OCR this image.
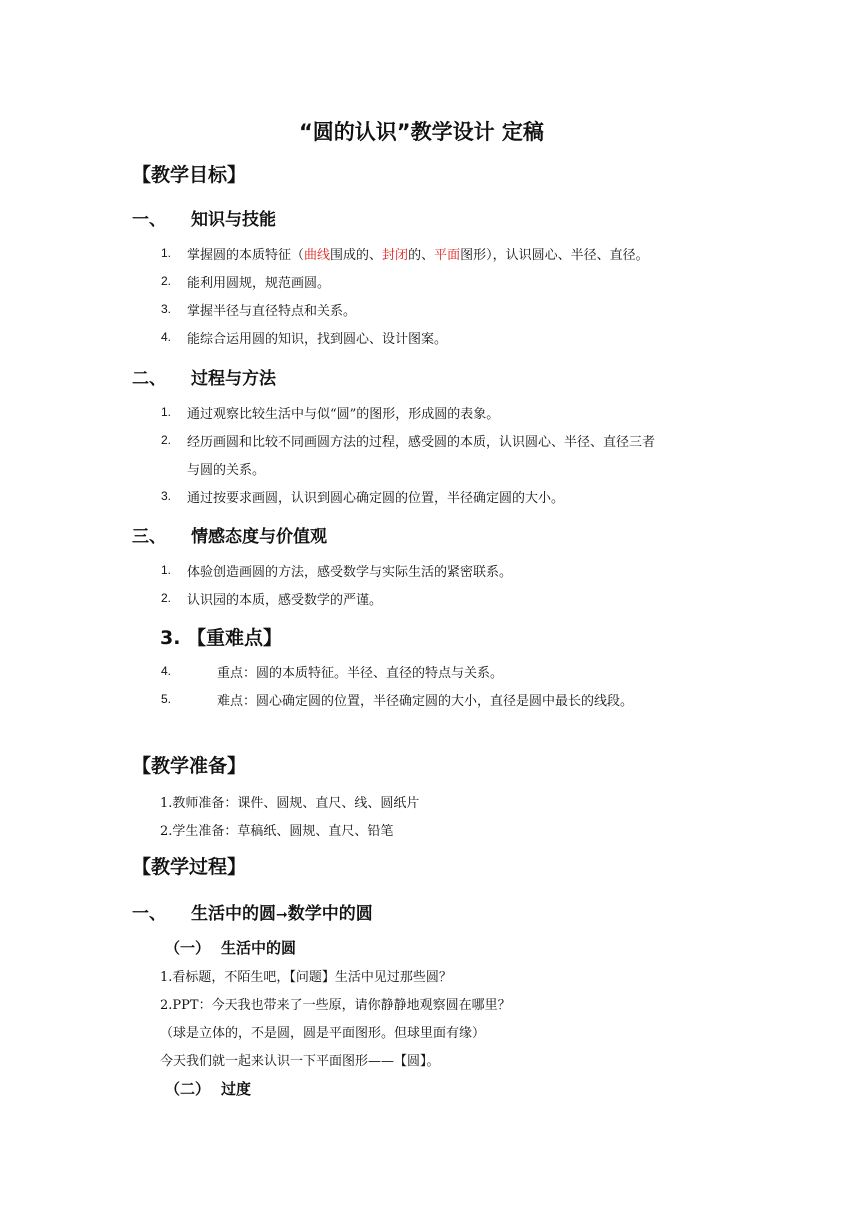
“圆的认识”教学设计 定稿
【教学目标】
一、 知识与技能
1. 掌握圆的本质特征（曲线围成的、封闭的、平面图形），认识圆心、半径、直径。
2. 能利用圆规，规范画圆。
3. 掌握半径与直径特点和关系。
4. 能综合运用圆的知识，找到圆心、设计图案。
二、 过程与方法
1. 通过观察比较生活中与似“圆”的图形，形成圆的表象。
2. 经历画圆和比较不同画圆方法的过程，感受圆的本质，认识圆心、半径、直径三者
与圆的关系。
3. 通过按要求画圆，认识到圆心确定圆的位置，半径确定圆的大小。
三、 情感态度与价值观
1. 体验创造画圆的方法，感受数学与实际生活的紧密联系。
2. 认识园的本质，感受数学的严谨。
3. 【重难点】
4.	重点：圆的本质特征。半径、直径的特点与关系。
5.	难点：圆心确定圆的位置，半径确定圆的大小，直径是圆中最长的线段。
【教学准备】
1.教师准备：课件、圆规、直尺、线、圆纸片
2.学生准备：草稿纸、圆规、直尺、铅笔
【教学过程】
一、 生活中的圆➞数学中的圆
（一） 生活中的圆
1.看标题，不陌生吧，【问题】生活中见过那些圆？
2.PPT：今天我也带来了一些原，请你静静地观察圆在哪里？
（球是立体的，不是圆，圆是平面图形。但球里面有缘）
今天我们就一起来认识一下平面图形——【圆】。
（二） 过度
